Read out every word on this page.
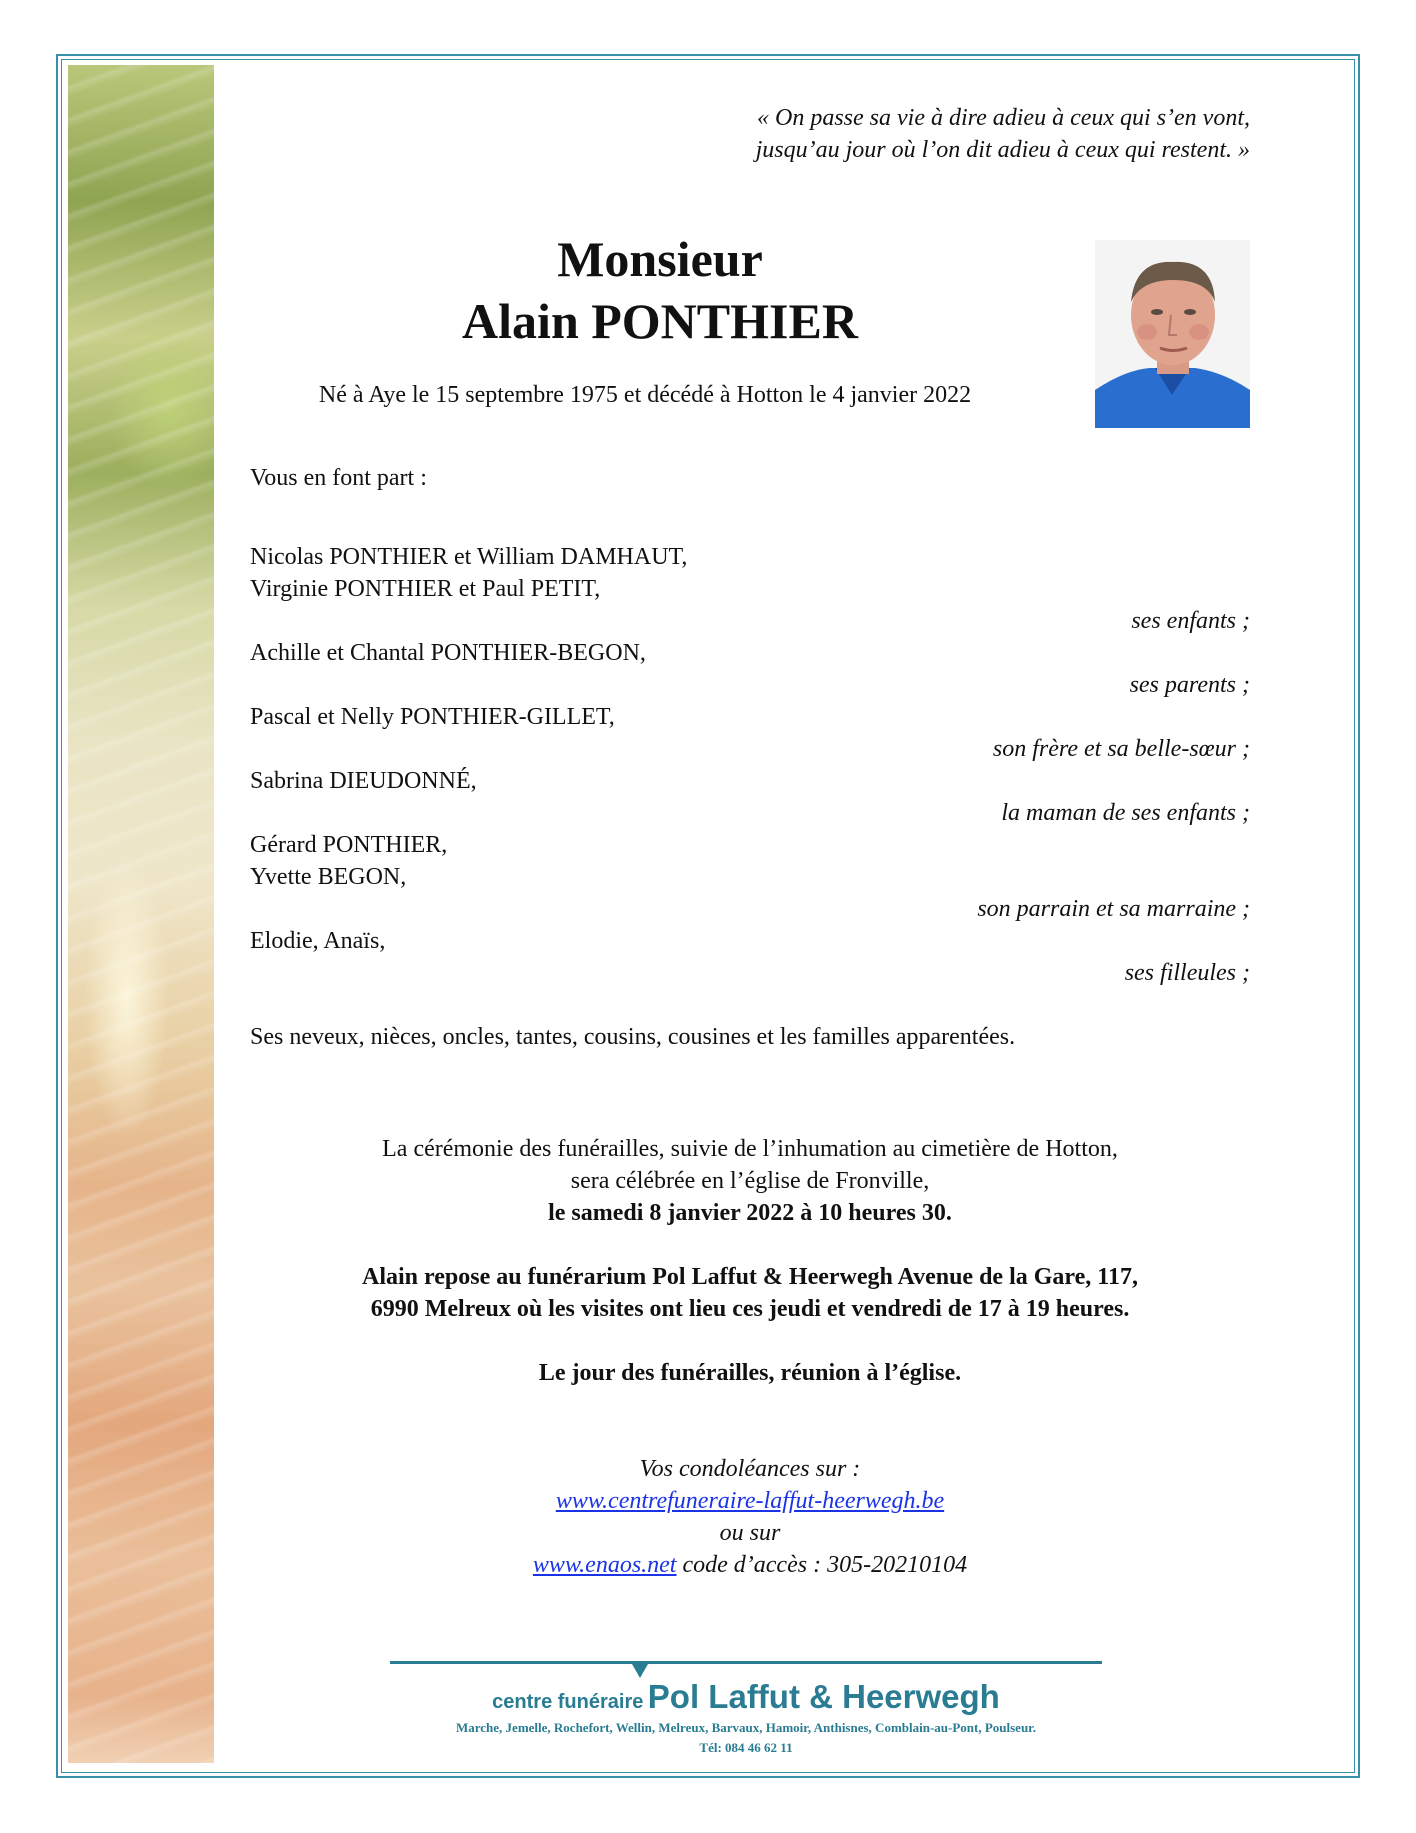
« On passe sa vie à dire adieu à ceux qui s’en vont,
jusqu’au jour où l’on dit adieu à ceux qui restent. »
Monsieur
Alain PONTHIER
Né à Aye le 15 septembre 1975 et décédé à Hotton le 4 janvier 2022
Vous en font part :
Nicolas PONTHIER et William DAMHAUT,
Virginie PONTHIER et Paul PETIT,
ses enfants ;
Achille et Chantal PONTHIER-BEGON,
ses parents ;
Pascal et Nelly PONTHIER-GILLET,
son frère et sa belle-sœur ;
Sabrina DIEUDONNÉ,
la maman de ses enfants ;
Gérard PONTHIER,
Yvette BEGON,
son parrain et sa marraine ;
Elodie, Anaïs,
ses filleules ;
Ses neveux, nièces, oncles, tantes, cousins, cousines et les familles apparentées.
La cérémonie des funérailles, suivie de l’inhumation au cimetière de Hotton,
sera célébrée en l’église de Fronville,
le samedi 8 janvier 2022 à 10 heures 30.
Alain repose au funérarium Pol Laffut & Heerwegh Avenue de la Gare, 117,
6990 Melreux où les visites ont lieu ces jeudi et vendredi de 17 à 19 heures.
Le jour des funérailles, réunion à l’église.
Vos condoléances sur :
www.centrefuneraire-laffut-heerwegh.be
ou sur
www.enaos.net code d’accès : 305-20210104
centre funéraire Pol Laffut & Heerwegh
Marche, Jemelle, Rochefort, Wellin, Melreux, Barvaux, Hamoir, Anthisnes, Comblain-au-Pont, Poulseur.
Tél: 084 46 62 11
